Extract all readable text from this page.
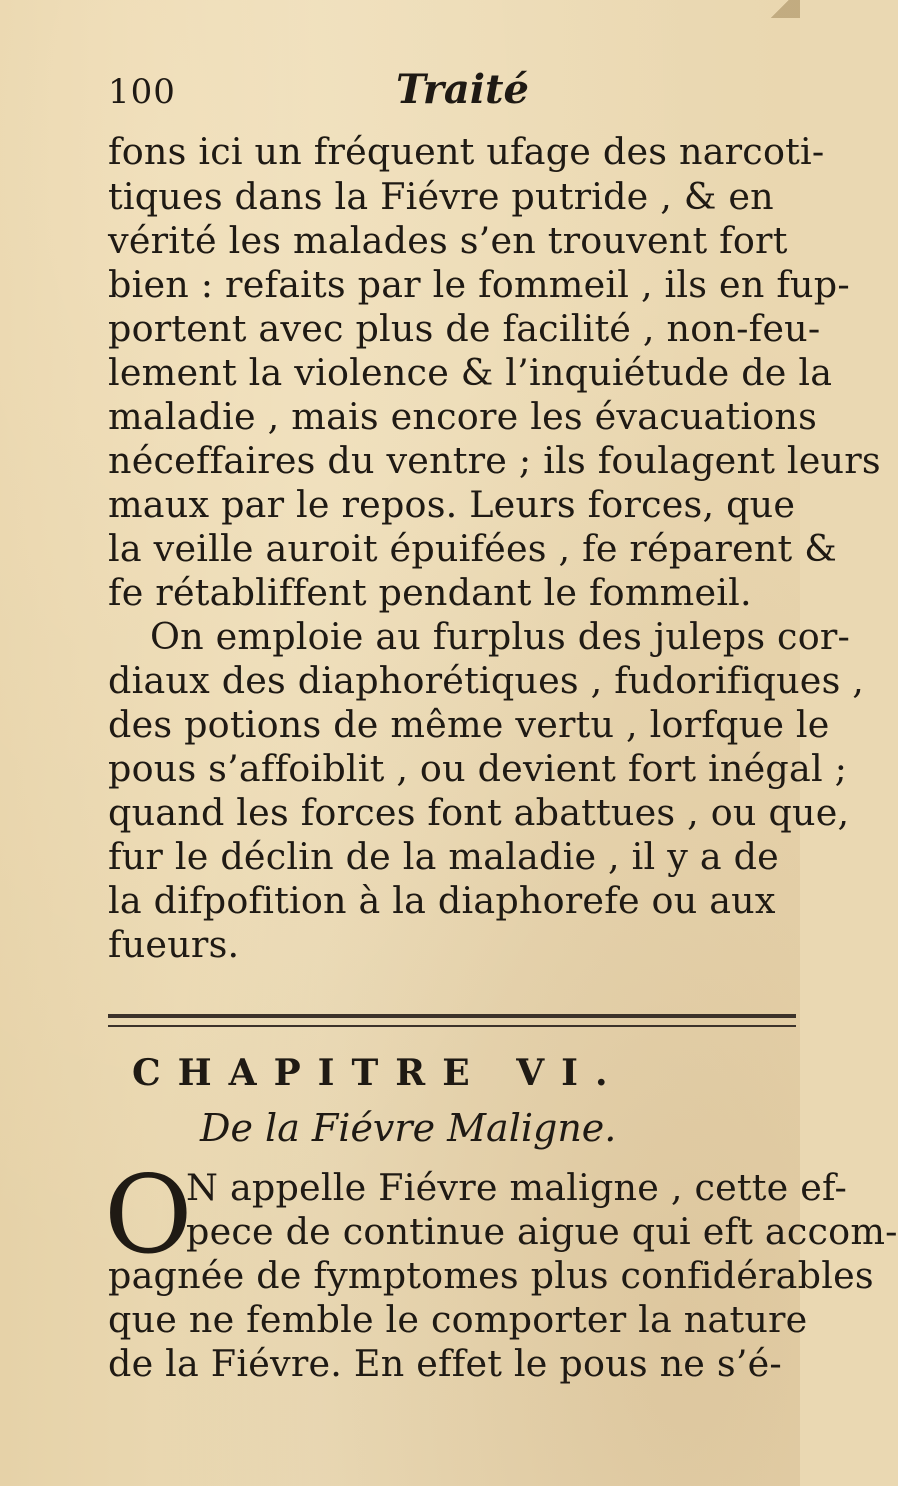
100	Traité
fons ici un fréquent ufage des narcoti-
tiques dans la Fiévre putride , & en
vérité les malades s’en trouvent fort
bien : refaits par le fommeil , ils en fup-
portent avec plus de facilité , non-feu-
lement la violence & l’inquiétude de la
maladie , mais encore les évacuations
néceffaires du ventre ; ils foulagent leurs
maux par le repos. Leurs forces, que
la veille auroit épuifées , fe réparent &
fe rétabliffent pendant le fommeil.
On emploie au furplus des juleps cor-
diaux des diaphorétiques , fudorifiques ,
des potions de même vertu , lorfque le
pous s’affoiblit , ou devient fort inégal ;
quand les forces font abattues , ou que,
fur le déclin de la maladie , il y a de
la difpofition à la diaphorefe ou aux
fueurs.
CHAPITRE VI.
De la Fiévre Maligne.
O
N appelle Fiévre maligne , cette ef-
pece de continue aigue qui eft accom-
pagnée de fymptomes plus confidérables
que ne femble le comporter la nature
de la Fiévre. En effet le pous ne s’é-
